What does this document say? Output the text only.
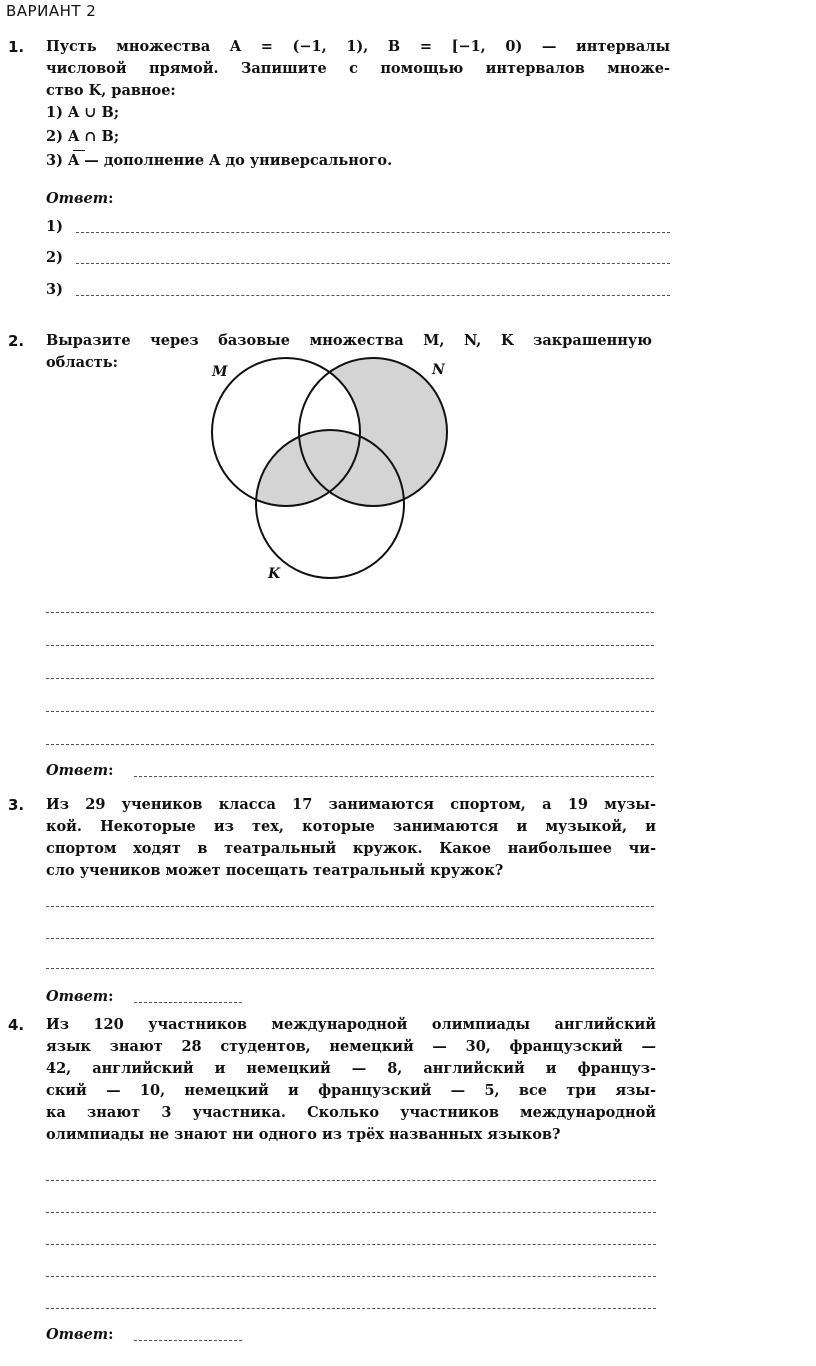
ВАРИАНТ 2
1. Пусть множества A = (−1, 1), B = [−1, 0) — интервалы
числовой прямой. Запишите с помощью интервалов множе-
ство K, равное:
1) A ∪ B;
2) A ∩ B;
3) A — дополнение A до универсального.
Ответ:
1)
2)
3)
2. Выразите через базовые множества M, N, K закрашенную
область:
M	N
K
Ответ:
3. Из 29 учеников класса 17 занимаются спортом, а 19 музы-
кой. Некоторые из тех, которые занимаются и музыкой, и
спортом ходят в театральный кружок. Какое наибольшее чи-
сло учеников может посещать театральный кружок?
Ответ:
4. Из 120 участников международной олимпиады английский
язык знают 28 студентов, немецкий — 30, французский —
42, английский и немецкий — 8, английский и француз-
ский — 10, немецкий и французский — 5, все три язы-
ка знают 3 участника. Сколько участников международной
олимпиады не знают ни одного из трёх названных языков?
Ответ:
